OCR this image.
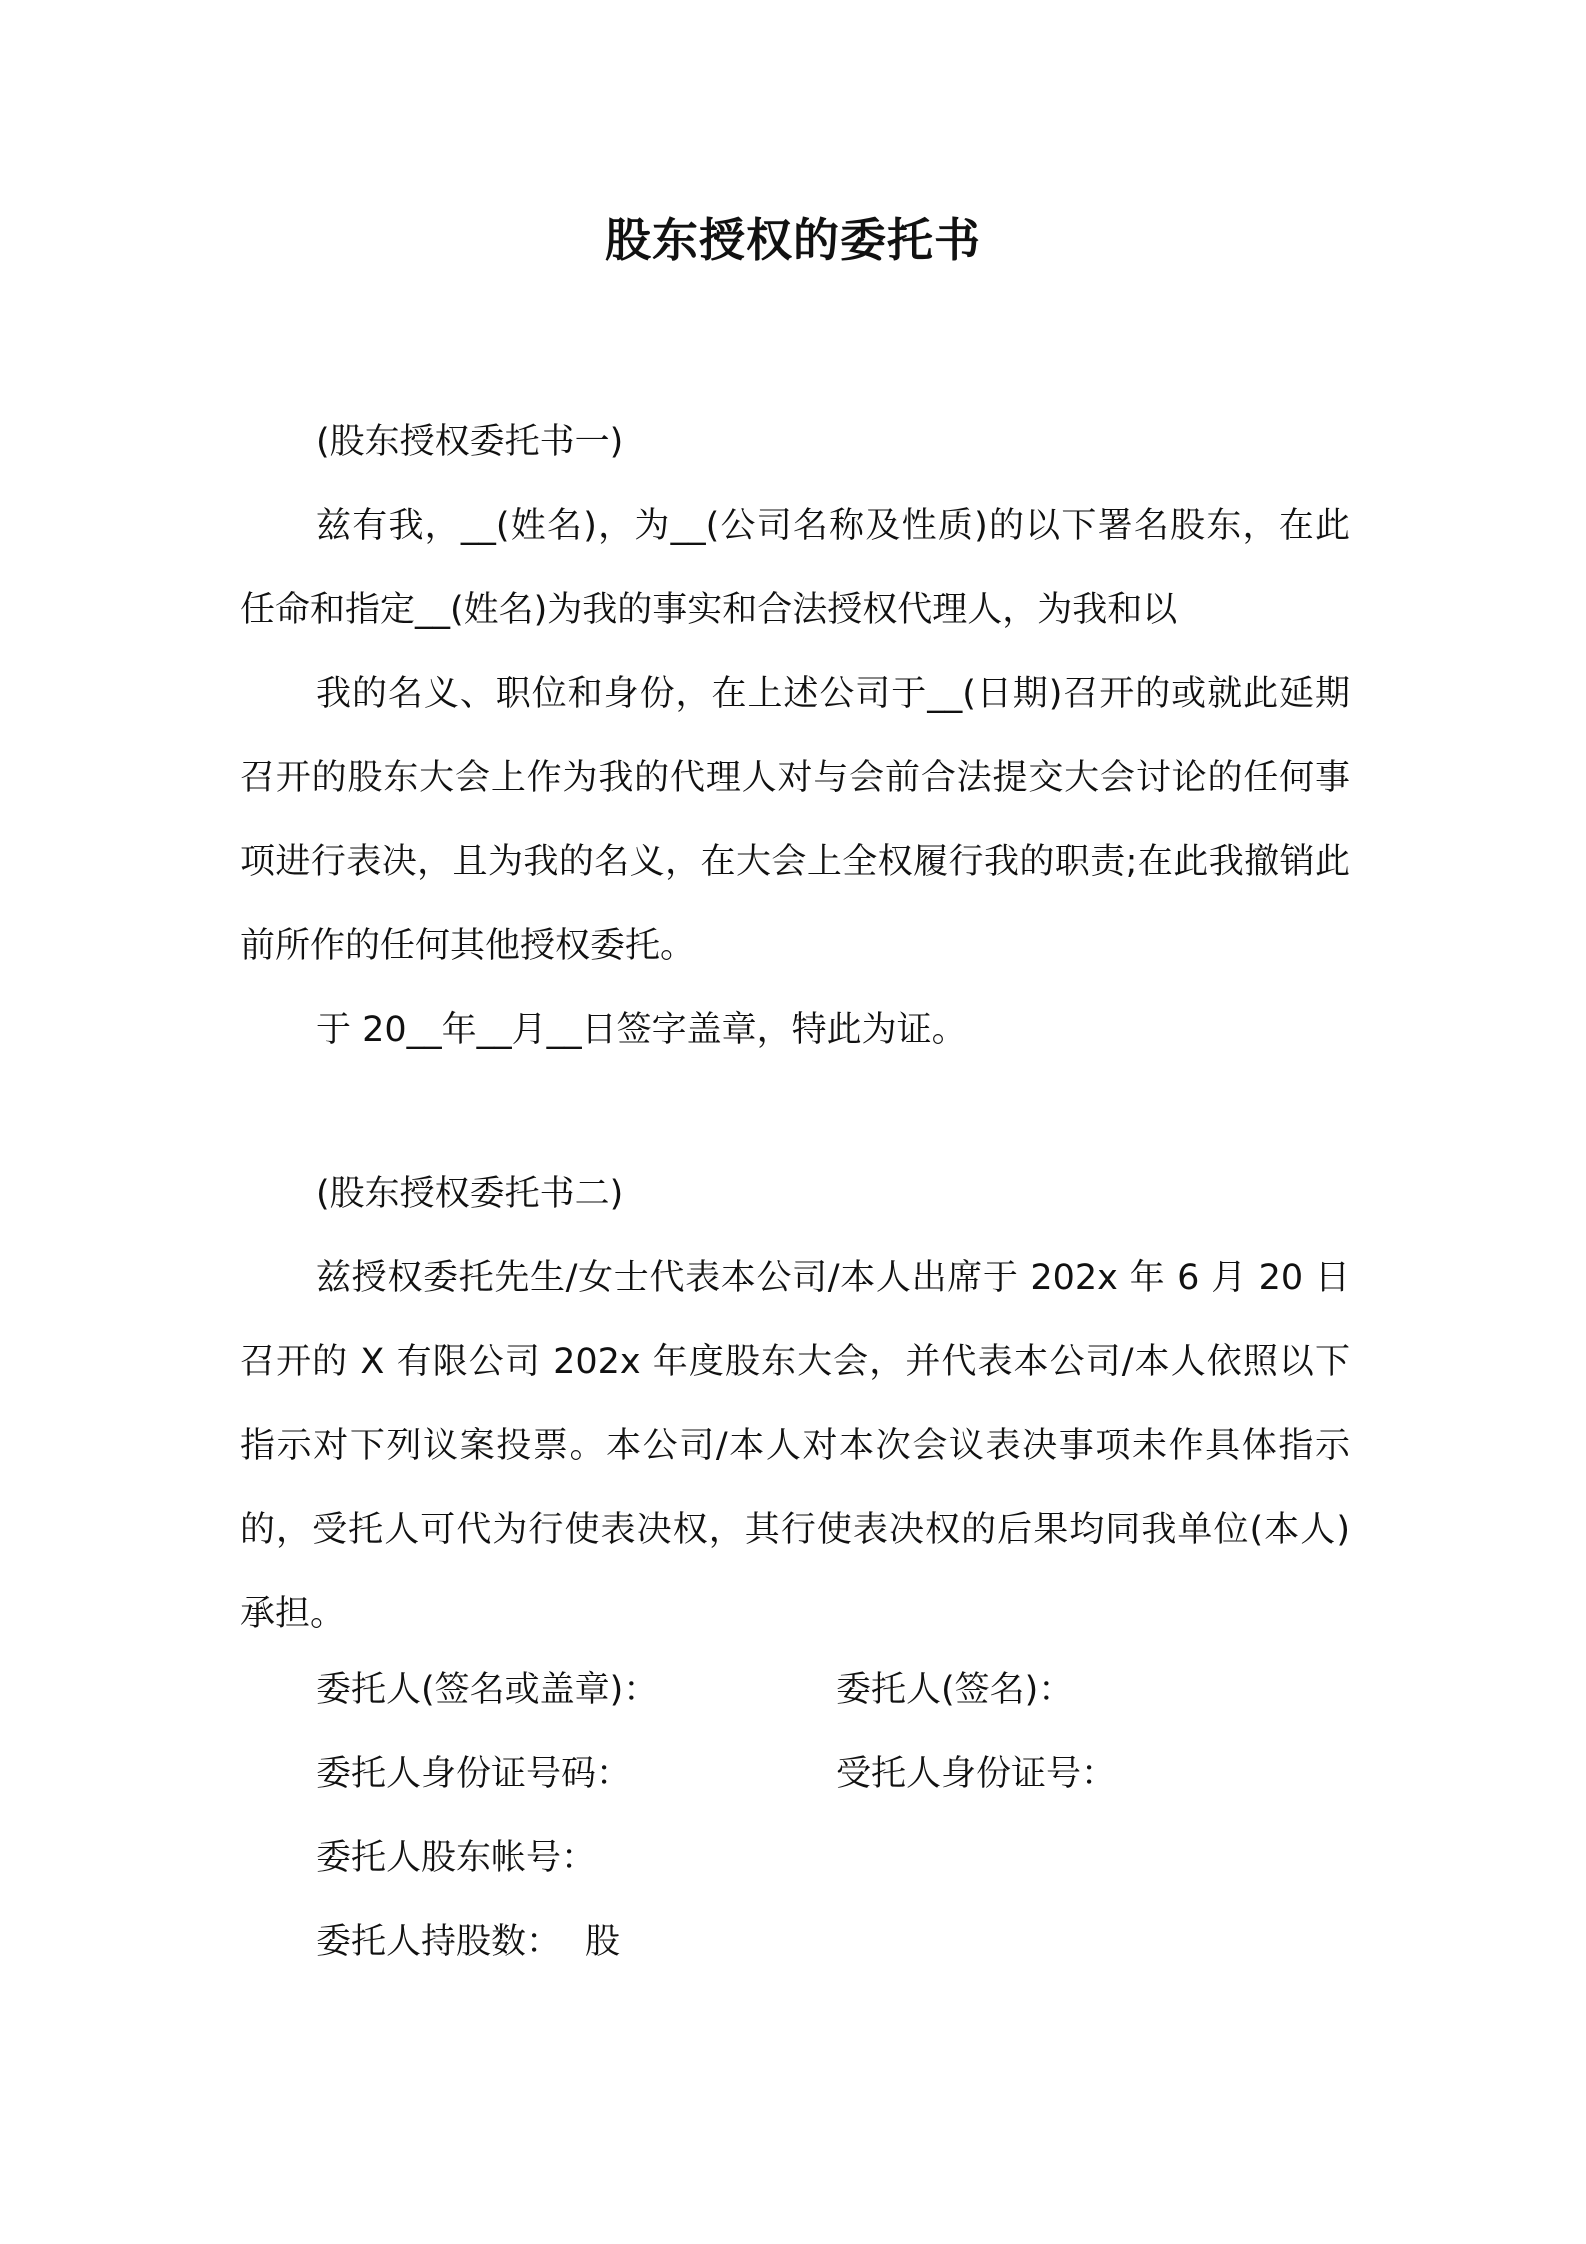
股东授权的委托书

(股东授权委托书一)

兹有我，__(姓名)，为__(公司名称及性质)的以下署名股东，在此任命和指定__(姓名)为我的事实和合法授权代理人，为我和以

我的名义、职位和身份，在上述公司于__(日期)召开的或就此延期召开的股东大会上作为我的代理人对与会前合法提交大会讨论的任何事项进行表决，且为我的名义，在大会上全权履行我的职责;在此我撤销此前所作的任何其他授权委托。

于 20__年__月__日签字盖章，特此为证。

(股东授权委托书二)

兹授权委托先生/女士代表本公司/本人出席于 202x 年 6 月 20 日召开的 X 有限公司 202x 年度股东大会，并代表本公司/本人依照以下指示对下列议案投票。本公司/本人对本次会议表决事项未作具体指示的，受托人可代为行使表决权，其行使表决权的后果均同我单位(本人)承担。

委托人(签名或盖章)：	委托人(签名)：
委托人身份证号码：	受托人身份证号：
委托人股东帐号：
委托人持股数： 股
